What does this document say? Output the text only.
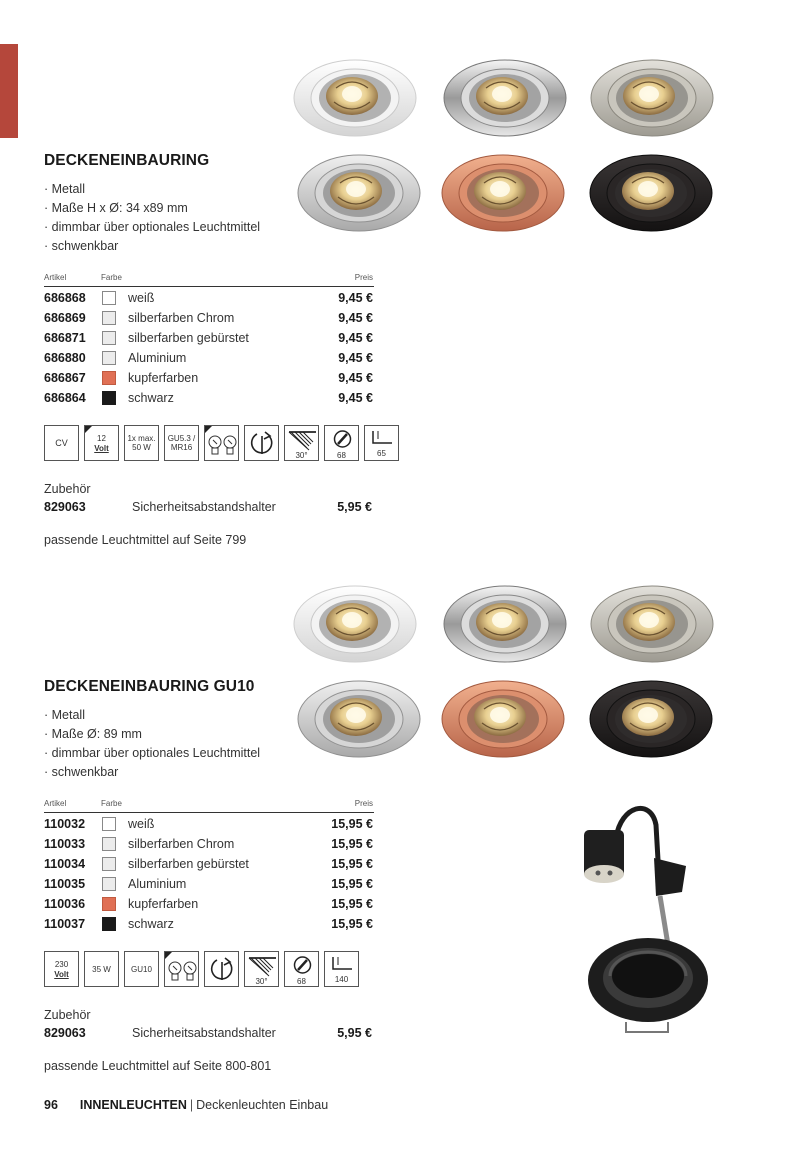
DECKENEINBAURING
· Metall
· Maße H x Ø: 34 x89 mm
· dimmbar über optionales Leuchtmittel
· schwenkbar
Artikel	Farbe	Preis
686868	weiß	9,45 €
686869	silberfarben Chrom	9,45 €
686871	silberfarben gebürstet	9,45 €
686880	Aluminium	9,45 €
686867	kupferfarben	9,45 €
686864	schwarz	9,45 €
CV	12
Volt
1x max.
50 W
GU5.3 /
MR16
30°	68	65
Zubehör
829063	Sicherheitsabstandshalter	5,95 €
passende Leuchtmittel auf Seite 799
DECKENEINBAURING GU10
· Metall
· Maße Ø: 89 mm
· dimmbar über optionales Leuchtmittel
· schwenkbar
Artikel	Farbe	Preis
110032	weiß	15,95 €
110033	silberfarben Chrom	15,95 €
110034	silberfarben gebürstet	15,95 €
110035	Aluminium	15,95 €
110036	kupferfarben	15,95 €
110037	schwarz	15,95 €
230
Volt
35 W	GU10
30°	68	140
Zubehör
829063	Sicherheitsabstandshalter	5,95 €
passende Leuchtmittel auf Seite 800-801
96 INNENLEUCHTEN | Deckenleuchten Einbau
